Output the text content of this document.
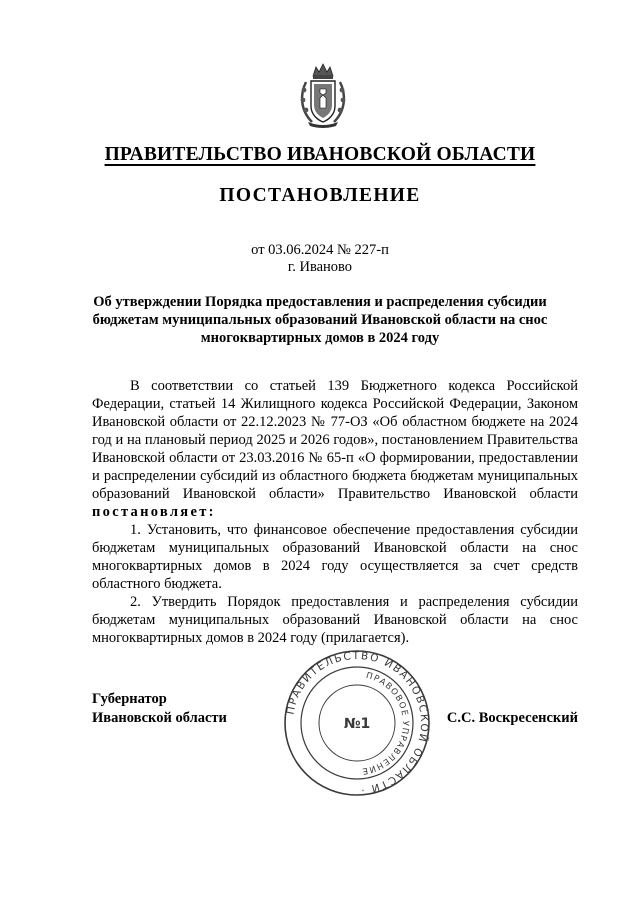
ПРАВИТЕЛЬСТВО ИВАНОВСКОЙ ОБЛАСТИ
ПОСТАНОВЛЕНИЕ
от 03.06.2024 № 227-п
г. Иваново
Об утверждении Порядка предоставления и распределения субсидии бюджетам муниципальных образований Ивановской области на снос многоквартирных домов в 2024 году

В соответствии со статьей 139 Бюджетного кодекса Российской Федерации, статьей 14 Жилищного кодекса Российской Федерации, Законом Ивановской области от 22.12.2023 № 77-ОЗ «Об областном бюджете на 2024 год и на плановый период 2025 и 2026 годов», постановлением Правительства Ивановской области от 23.03.2016 № 65-п «О формировании, предоставлении и распределении субсидий из областного бюджета бюджетам муниципальных образований Ивановской области» Правительство Ивановской области постановляет:

1. Установить, что финансовое обеспечение предоставления субсидии бюджетам муниципальных образований Ивановской области на снос многоквартирных домов в 2024 году осуществляется за счет средств областного бюджета.

2. Утвердить Порядок предоставления и распределения субсидии бюджетам муниципальных образований Ивановской области на снос многоквартирных домов в 2024 году (прилагается).

Губернатор
Ивановской области	С.С. Воскресенский
ПРАВИТЕЛЬСТВО ИВАНОВСКОЙ ОБЛАСТИ ·
ПРАВОВОЕ УПРАВЛЕНИЕ
№1
